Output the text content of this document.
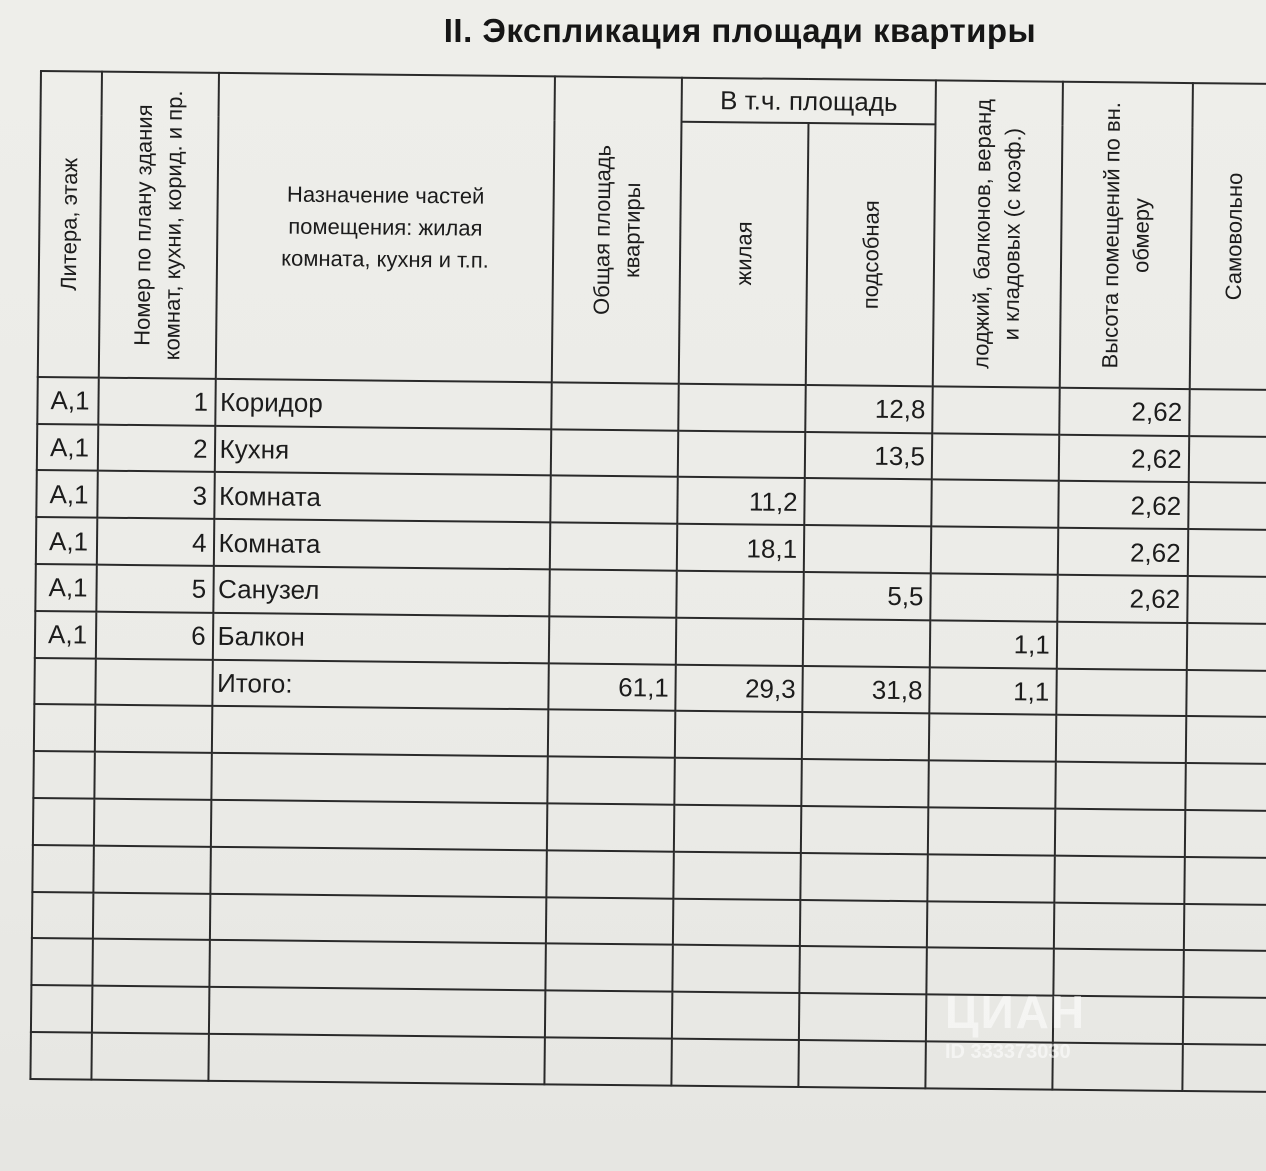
II. Экспликация площади квартиры
Литера, этаж	Номер по плану здания комнат, кухни, корид. и пр.	Назначение частей помещения: жилая комната, кухня и т.п.	Общая площадь квартиры	В т.ч. площадь		лоджий, балконов, веранд и кладовых (с коэф.)	Высота помещений по вн. обмеру	Самовольно

				жилая	подсобная			

А,1	1	Коридор			12,8		2,62	
А,1	2	Кухня			13,5		2,62	
А,1	3	Комната		11,2			2,62	
А,1	4	Комната		18,1			2,62	
А,1	5	Санузел			5,5		2,62	
А,1	6	Балкон				1,1		
		Итого:	61,1	29,3	31,8	1,1		

ЦИАН
ID 333373030
